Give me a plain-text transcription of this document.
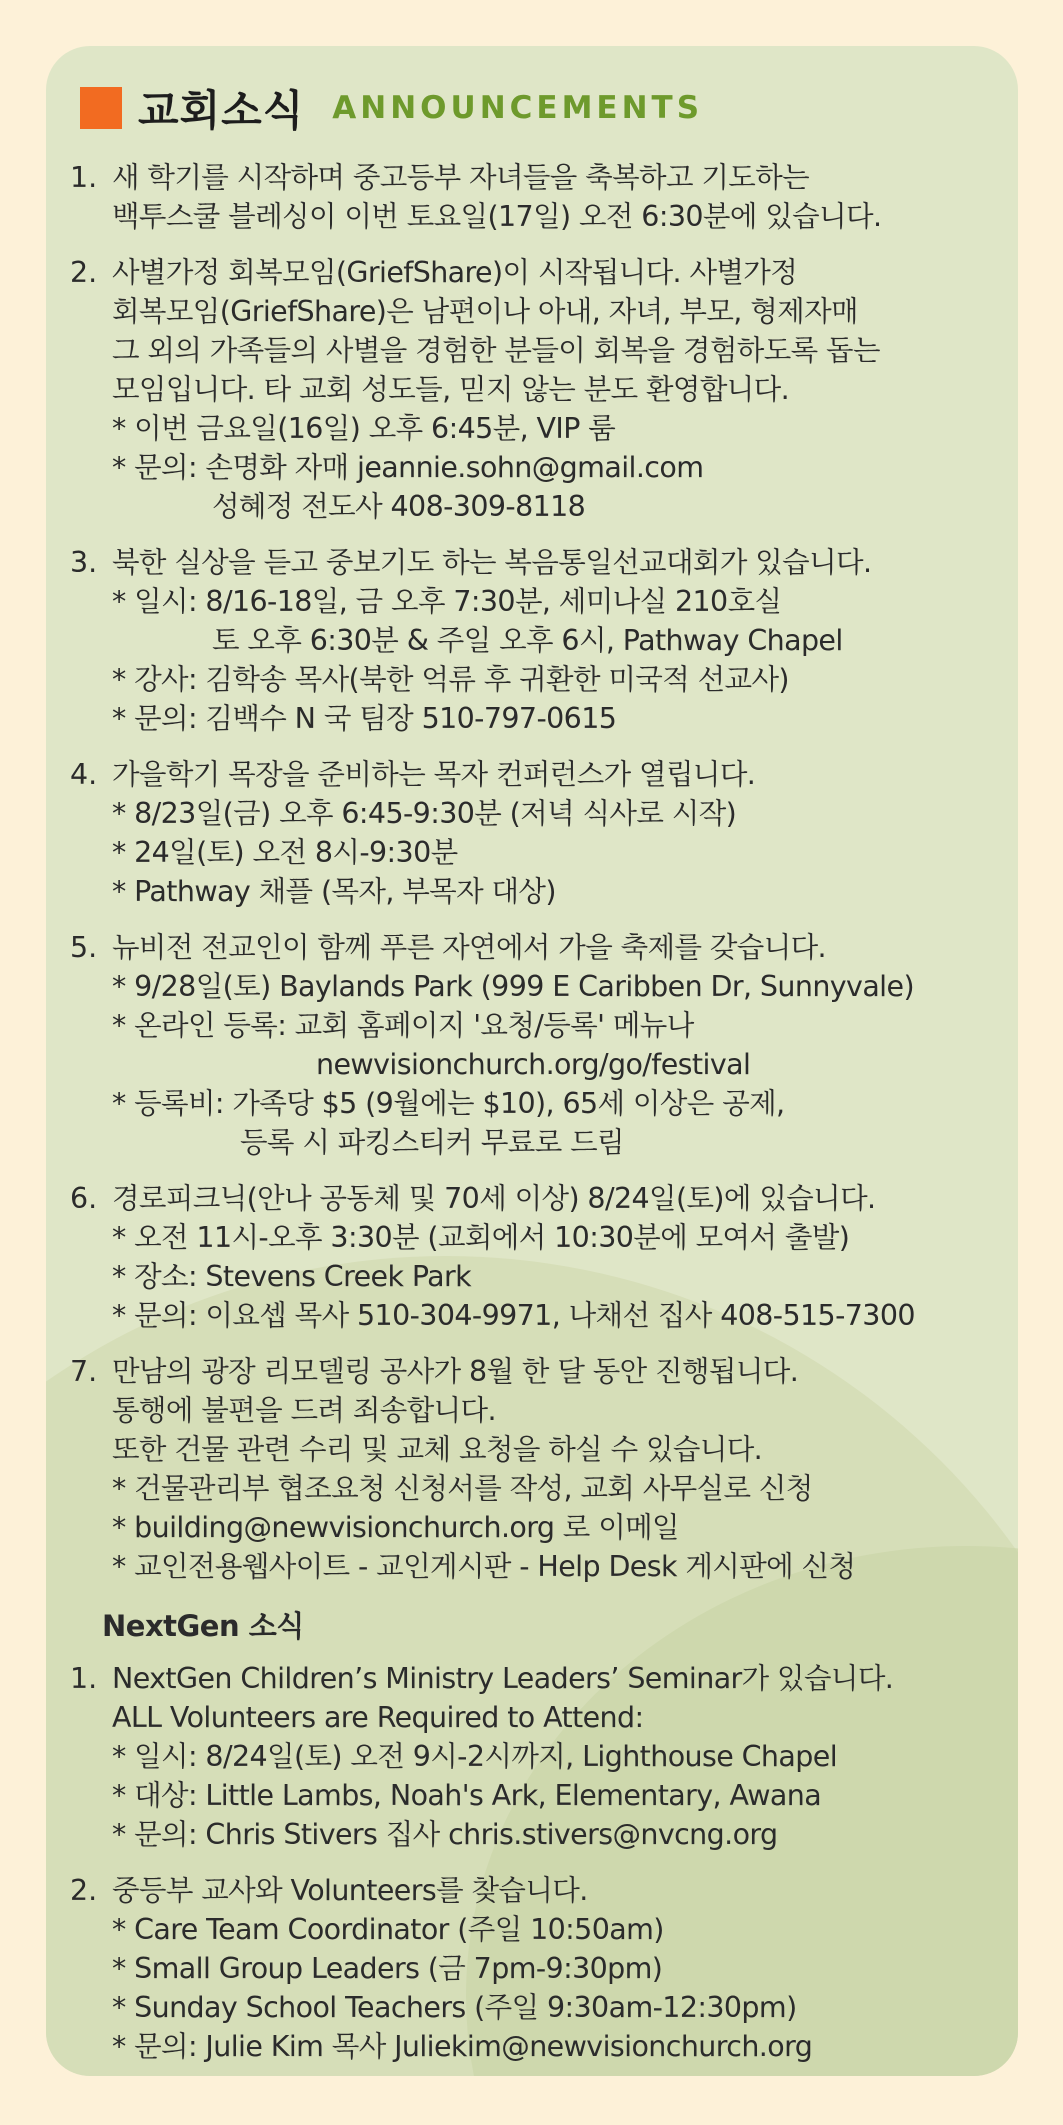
교회소식 ANNOUNCEMENTS
1. 새 학기를 시작하며 중고등부 자녀들을 축복하고 기도하는
백투스쿨 블레싱이 이번 토요일(17일) 오전 6:30분에 있습니다.
2. 사별가정 회복모임(GriefShare)이 시작됩니다. 사별가정
회복모임(GriefShare)은 남편이나 아내, 자녀, 부모, 형제자매
그 외의 가족들의 사별을 경험한 분들이 회복을 경험하도록 돕는
모임입니다. 타 교회 성도들, 믿지 않는 분도 환영합니다.
* 이번 금요일(16일) 오후 6:45분, VIP 룸
* 문의: 손명화 자매 jeannie.sohn@gmail.com
성혜정 전도사 408-309-8118
3. 북한 실상을 듣고 중보기도 하는 복음통일선교대회가 있습니다.
* 일시: 8/16-18일, 금 오후 7:30분, 세미나실 210호실
토 오후 6:30분 & 주일 오후 6시, Pathway Chapel
* 강사: 김학송 목사(북한 억류 후 귀환한 미국적 선교사)
* 문의: 김백수 N 국 팀장 510-797-0615
4. 가을학기 목장을 준비하는 목자 컨퍼런스가 열립니다.
* 8/23일(금) 오후 6:45-9:30분 (저녁 식사로 시작)
* 24일(토) 오전 8시-9:30분
* Pathway 채플 (목자, 부목자 대상)
5. 뉴비전 전교인이 함께 푸른 자연에서 가을 축제를 갖습니다.
* 9/28일(토) Baylands Park (999 E Caribben Dr, Sunnyvale)
* 온라인 등록: 교회 홈페이지 '요청/등록' 메뉴나
newvisionchurch.org/go/festival
* 등록비: 가족당 $5 (9월에는 $10), 65세 이상은 공제,
등록 시 파킹스티커 무료로 드림
6. 경로피크닉(안나 공동체 및 70세 이상) 8/24일(토)에 있습니다.
* 오전 11시-오후 3:30분 (교회에서 10:30분에 모여서 출발)
* 장소: Stevens Creek Park
* 문의: 이요셉 목사 510-304-9971, 나채선 집사 408-515-7300
7. 만남의 광장 리모델링 공사가 8월 한 달 동안 진행됩니다.
통행에 불편을 드려 죄송합니다.
또한 건물 관련 수리 및 교체 요청을 하실 수 있습니다.
* 건물관리부 협조요청 신청서를 작성, 교회 사무실로 신청
* building@newvisionchurch.org 로 이메일
* 교인전용웹사이트 - 교인게시판 - Help Desk 게시판에 신청
NextGen 소식
1. NextGen Children’s Ministry Leaders’ Seminar가 있습니다.
ALL Volunteers are Required to Attend:
* 일시: 8/24일(토) 오전 9시-2시까지, Lighthouse Chapel
* 대상: Little Lambs, Noah's Ark, Elementary, Awana
* 문의: Chris Stivers 집사 chris.stivers@nvcng.org
2. 중등부 교사와 Volunteers를 찾습니다.
* Care Team Coordinator (주일 10:50am)
* Small Group Leaders (금 7pm-9:30pm)
* Sunday School Teachers (주일 9:30am-12:30pm)
* 문의: Julie Kim 목사 Juliekim@newvisionchurch.org
